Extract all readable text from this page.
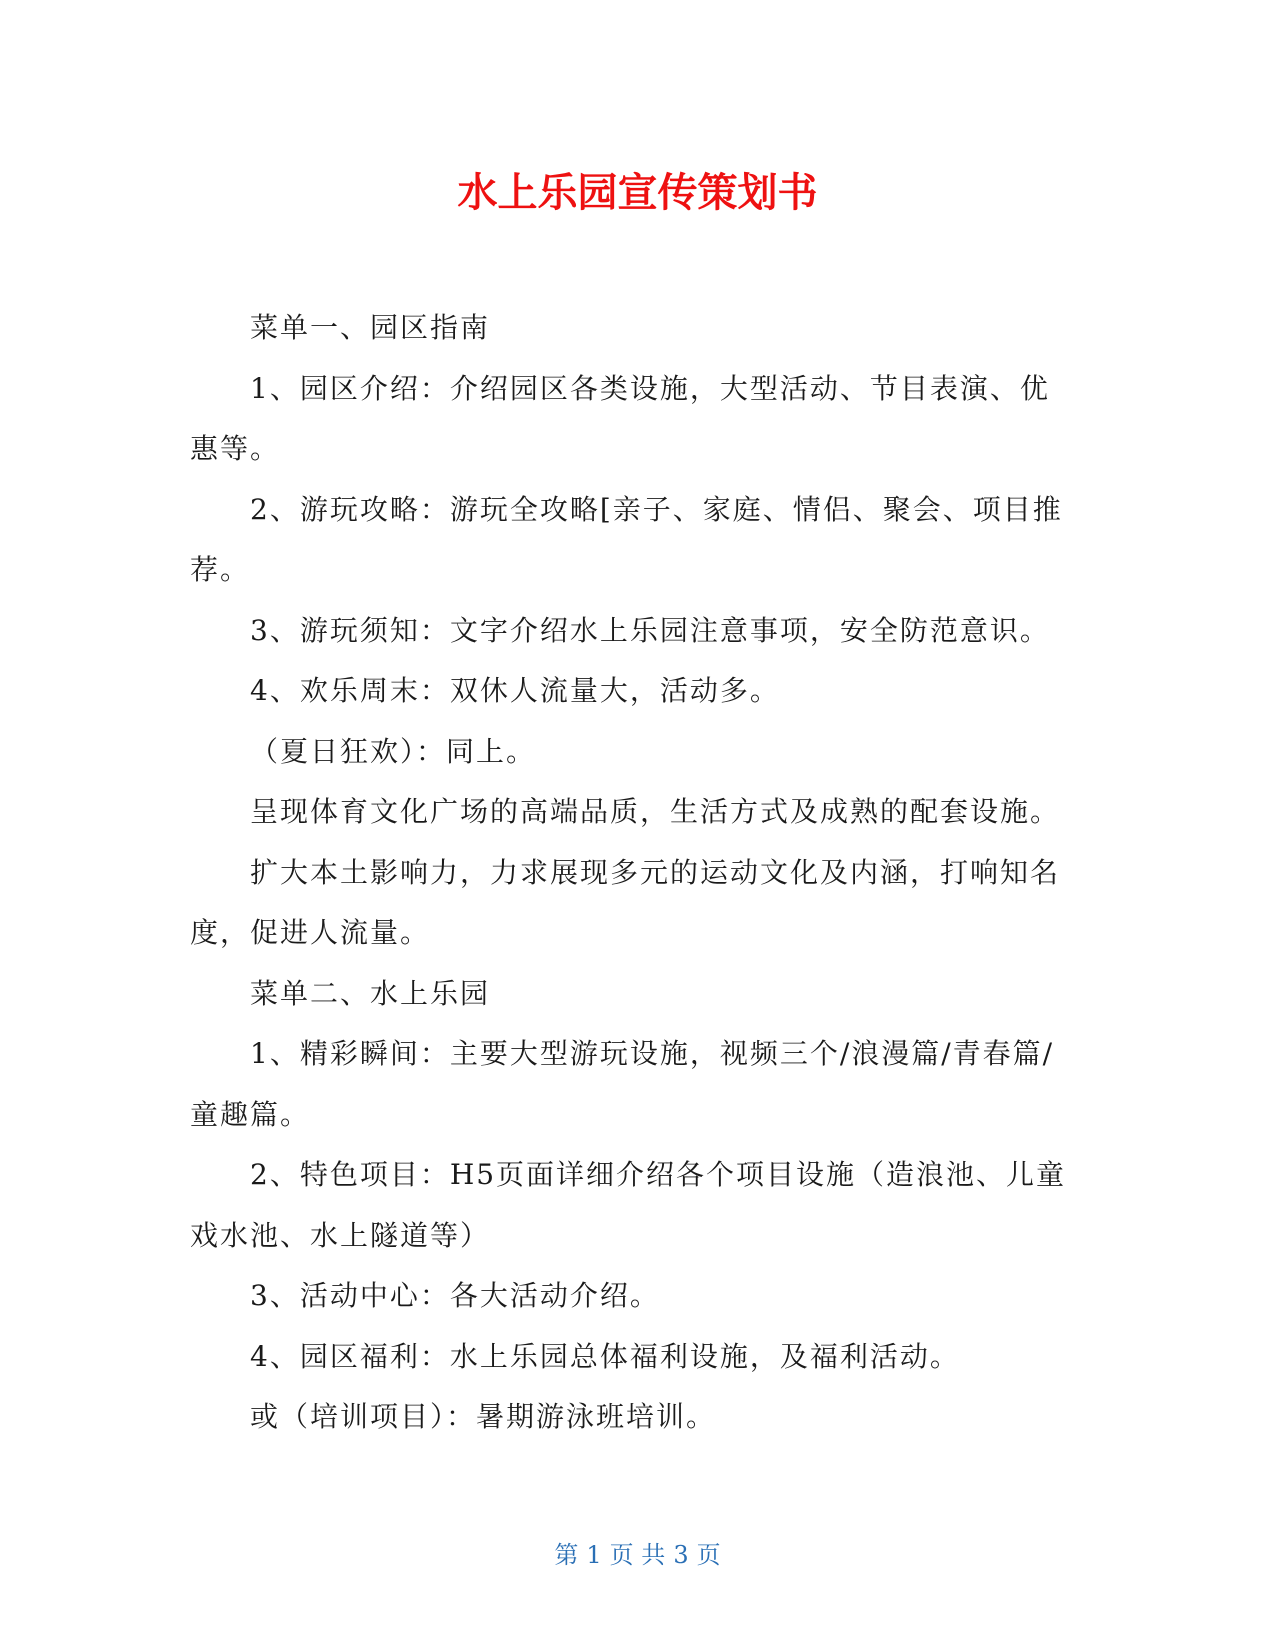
水上乐园宣传策划书

菜单一、园区指南

1、园区介绍：介绍园区各类设施，大型活动、节目表演、优惠等。

2、游玩攻略：游玩全攻略[亲子、家庭、情侣、聚会、项目推荐。

3、游玩须知：文字介绍水上乐园注意事项，安全防范意识。

4、欢乐周末：双休人流量大，活动多。

（夏日狂欢）：同上。

呈现体育文化广场的高端品质，生活方式及成熟的配套设施。

扩大本土影响力，力求展现多元的运动文化及内涵，打响知名度，促进人流量。

菜单二、水上乐园

1、精彩瞬间：主要大型游玩设施，视频三个/浪漫篇/青春篇/童趣篇。

2、特色项目：H5页面详细介绍各个项目设施（造浪池、儿童戏水池、水上隧道等）

3、活动中心：各大活动介绍。

4、园区福利：水上乐园总体福利设施，及福利活动。

或（培训项目）：暑期游泳班培训。

第 1 页 共 3 页
